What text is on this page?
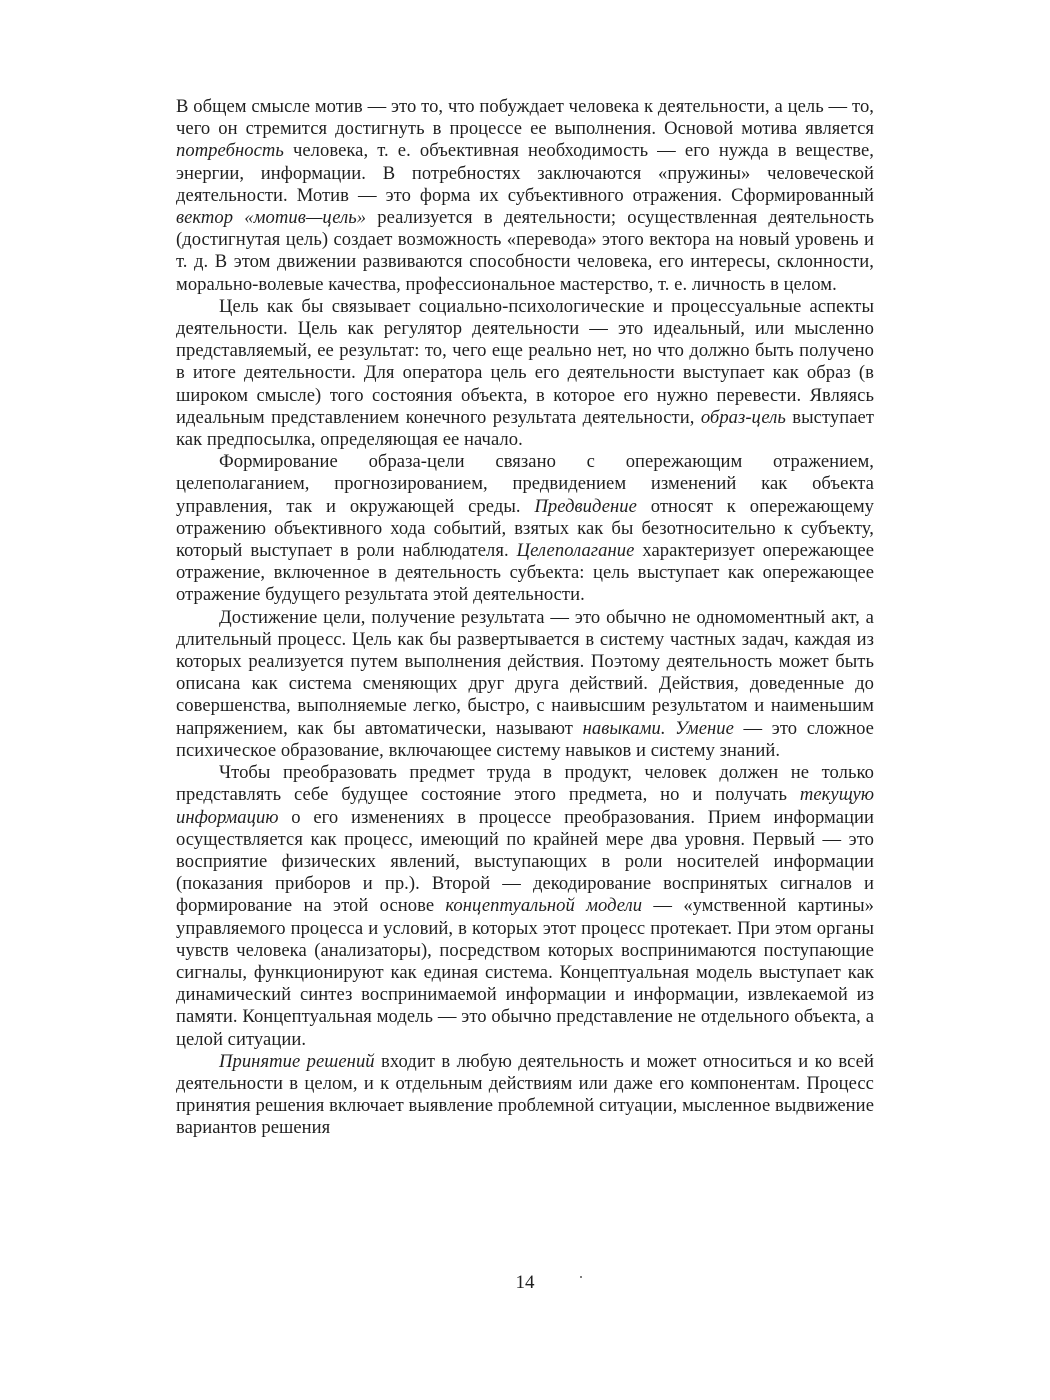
В общем смысле мотив — это то, что побуждает человека к деятельности, а цель — то, чего он стремится достигнуть в процессе ее выполнения. Основой мотива является потребность человека, т. е. объективная необходимость — его нужда в веществе, энергии, информации. В потребностях заключаются «пружины» человеческой деятельности. Мотив — это форма их субъективного отражения. Сформированный вектор «мотив—цель» реализуется в деятельности; осуществленная деятельность (достигнутая цель) создает возможность «перевода» этого вектора на новый уровень и т. д. В этом движении развиваются способности человека, его интересы, склонности, морально-волевые качества, профессиональное мастерство, т. е. личность в целом.

Цель как бы связывает социально-психологические и процессуальные аспекты деятельности. Цель как регулятор деятельности — это идеальный, или мысленно представляемый, ее результат: то, чего еще реально нет, но что должно быть получено в итоге деятельности. Для оператора цель его деятельности выступает как образ (в широком смысле) того состояния объекта, в которое его нужно перевести. Являясь идеальным представлением конечного результата деятельности, образ-цель выступает как предпосылка, определяющая ее начало.

Формирование образа-цели связано с опережающим отражением, целеполаганием, прогнозированием, предвидением изменений как объекта управления, так и окружающей среды. Предвидение относят к опережающему отражению объективного хода событий, взятых как бы безотносительно к субъекту, который выступает в роли наблюдателя. Целеполагание характеризует опережающее отражение, включенное в деятельность субъекта: цель выступает как опережающее отражение будущего результата этой деятельности.

Достижение цели, получение результата — это обычно не одномоментный акт, а длительный процесс. Цель как бы развертывается в систему частных задач, каждая из которых реализуется путем выполнения действия. Поэтому деятельность может быть описана как система сменяющих друг друга действий. Действия, доведенные до совершенства, выполняемые легко, быстро, с наивысшим результатом и наименьшим напряжением, как бы автоматически, называют навыками. Умение — это сложное психическое образование, включающее систему навыков и систему знаний.

Чтобы преобразовать предмет труда в продукт, человек должен не только представлять себе будущее состояние этого предмета, но и получать текущую информацию о его изменениях в процессе преобразования. Прием информации осуществляется как процесс, имеющий по крайней мере два уровня. Первый — это восприятие физических явлений, выступающих в роли носителей информации (показания приборов и пр.). Второй — декодирование воспринятых сигналов и формирование на этой основе концептуальной модели — «умственной картины» управляемого процесса и условий, в которых этот процесс протекает. При этом органы чувств человека (анализаторы), посредством которых воспринимаются поступающие сигналы, функционируют как единая система. Концептуальная модель выступает как динамический синтез воспринимаемой информации и информации, извлекаемой из памяти. Концептуальная модель — это обычно представление не отдельного объекта, а целой ситуации.

Принятие решений входит в любую деятельность и может относиться и ко всей деятельности в целом, и к отдельным действиям или даже его компонентам. Процесс принятия решения включает выявление проблемной ситуации, мысленное выдвижение вариантов решения

14
